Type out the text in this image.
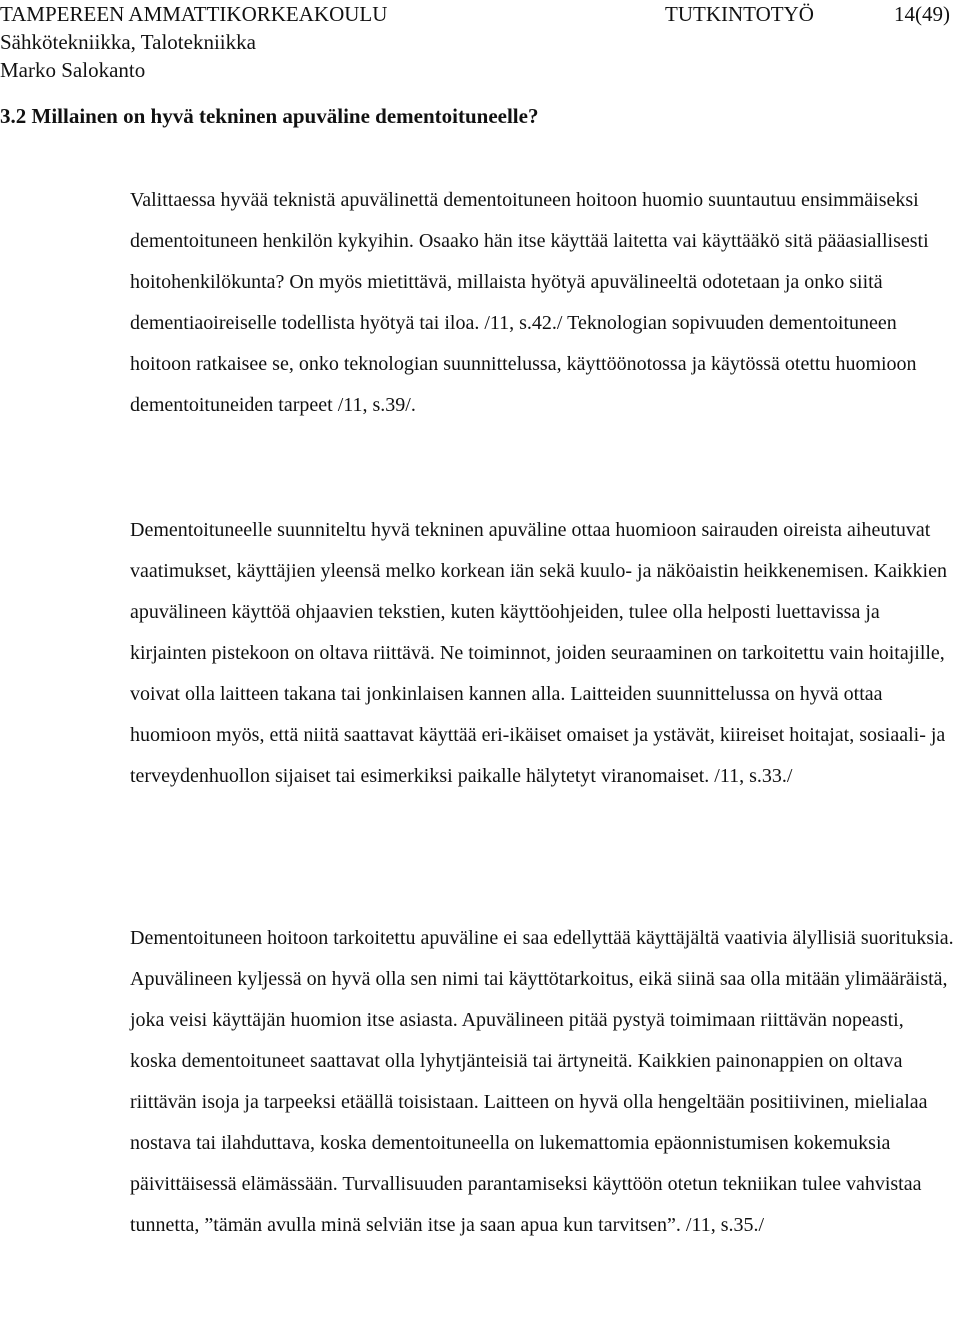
TAMPEREEN AMMATTIKORKEAKOULU	TUTKINTOTYÖ	14(49)
Sähkötekniikka, Talotekniikka
Marko Salokanto
3.2 Millainen on hyvä tekninen apuväline dementoituneelle?

Valittaessa hyvää teknistä apuvälinettä dementoituneen hoitoon huomio suuntautuu ensimmäiseksi dementoituneen henkilön kykyihin. Osaako hän itse käyttää laitetta vai käyttääkö sitä pääasiallisesti hoitohenkilökunta? On myös mietittävä, millaista hyötyä apuvälineeltä odotetaan ja onko siitä dementiaoireiselle todellista hyötyä tai iloa. /11, s.42./ Teknologian sopivuuden dementoituneen hoitoon ratkaisee se, onko teknologian suunnittelussa, käyttöönotossa ja käytössä otettu huomioon dementoituneiden tarpeet /11, s.39/.

Dementoituneelle suunniteltu hyvä tekninen apuväline ottaa huomioon sairauden oireista aiheutuvat vaatimukset, käyttäjien yleensä melko korkean iän sekä kuulo- ja näköaistin heikkenemisen. Kaikkien apuvälineen käyttöä ohjaavien tekstien, kuten käyttöohjeiden, tulee olla helposti luettavissa ja kirjainten pistekoon on oltava riittävä. Ne toiminnot, joiden seuraaminen on tarkoitettu vain hoitajille, voivat olla laitteen takana tai jonkinlaisen kannen alla. Laitteiden suunnittelussa on hyvä ottaa huomioon myös, että niitä saattavat käyttää eri-ikäiset omaiset ja ystävät, kiireiset hoitajat, sosiaali- ja terveydenhuollon sijaiset tai esimerkiksi paikalle hälytetyt viranomaiset. /11, s.33./

Dementoituneen hoitoon tarkoitettu apuväline ei saa edellyttää käyttäjältä vaativia älyllisiä suorituksia. Apuvälineen kyljessä on hyvä olla sen nimi tai käyttötarkoitus, eikä siinä saa olla mitään ylimääräistä, joka veisi käyttäjän huomion itse asiasta. Apuvälineen pitää pystyä toimimaan riittävän nopeasti, koska dementoituneet saattavat olla lyhytjänteisiä tai ärtyneitä. Kaikkien painonappien on oltava riittävän isoja ja tarpeeksi etäällä toisistaan. Laitteen on hyvä olla hengeltään positiivinen, mielialaa nostava tai ilahduttava, koska dementoituneella on lukemattomia epäonnistumisen kokemuksia päivittäisessä elämässään. Turvallisuuden parantamiseksi käyttöön otetun tekniikan tulee vahvistaa tunnetta, ”tämän avulla minä selviän itse ja saan apua kun tarvitsen”. /11, s.35./
